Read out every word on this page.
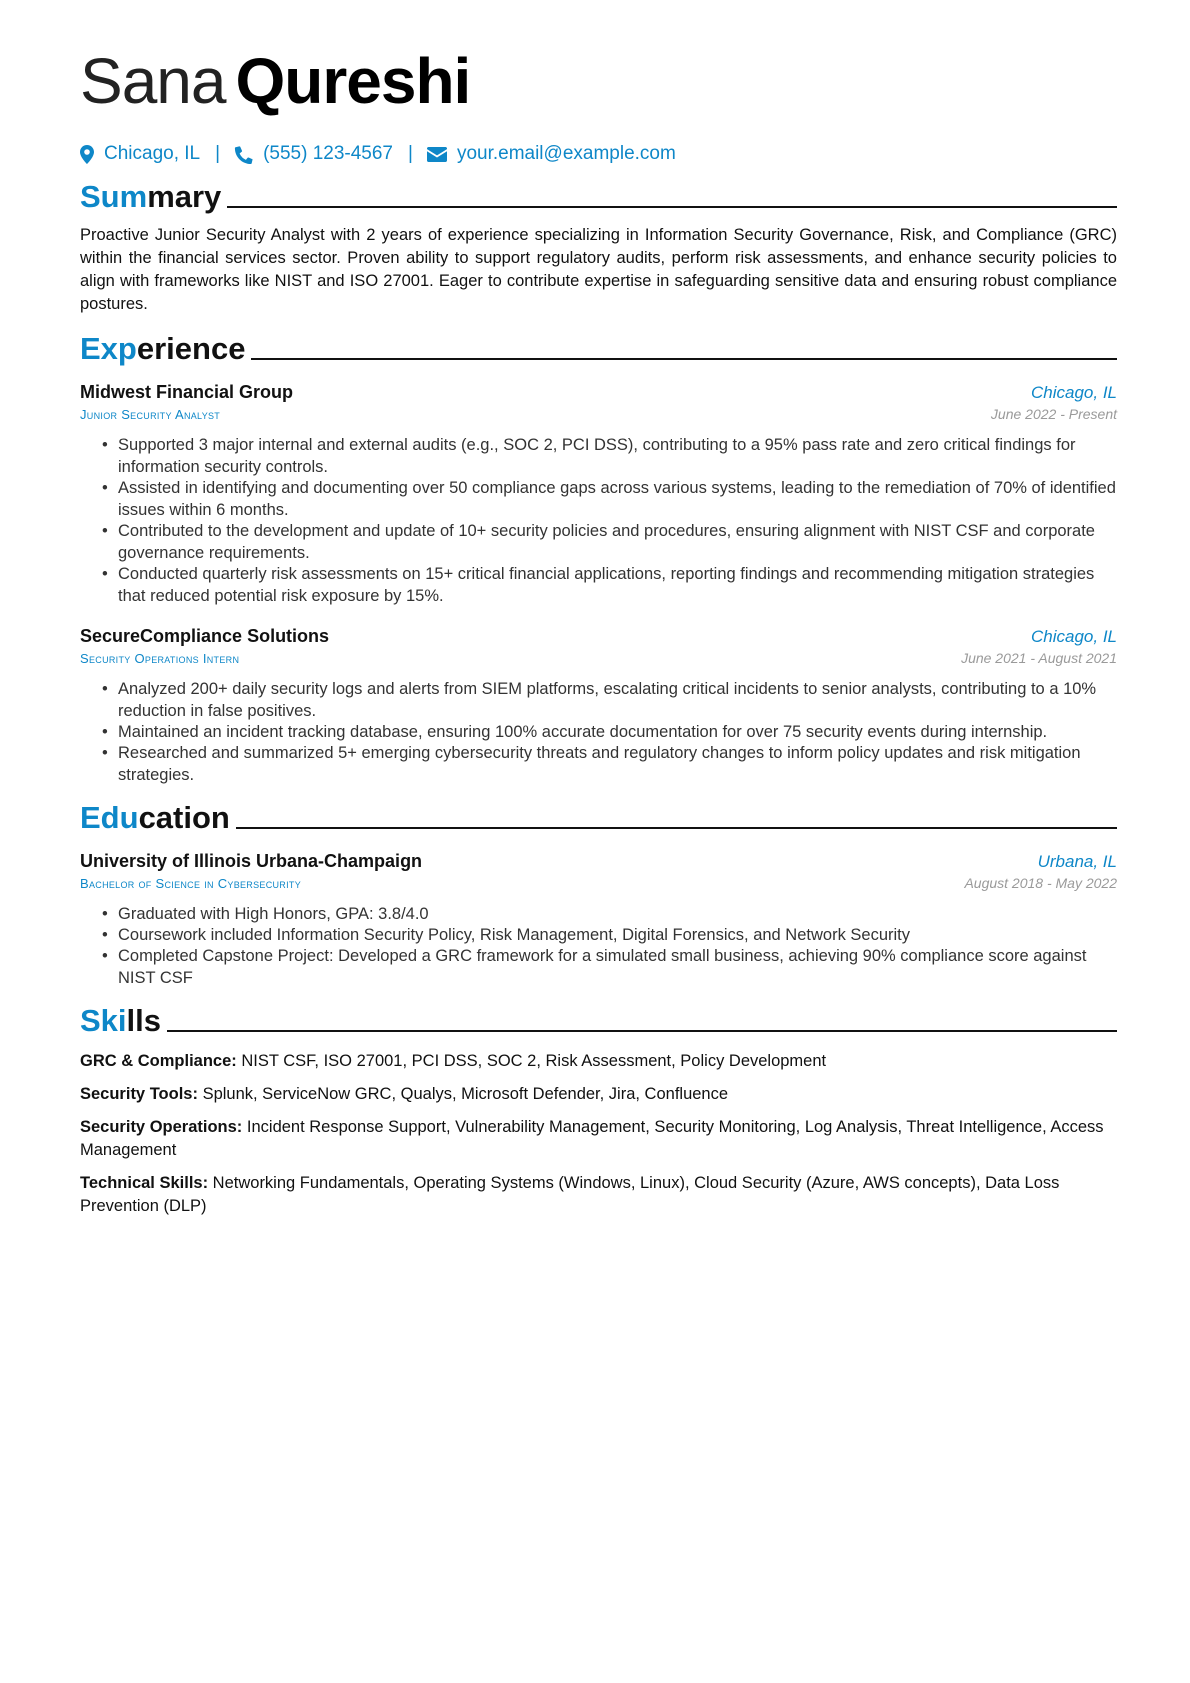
Sana Qureshi
Chicago, IL | (555) 123-4567 | your.email@example.com
Summary

Proactive Junior Security Analyst with 2 years of experience specializing in Information Security Governance, Risk, and Compliance (GRC) within the financial services sector. Proven ability to support regulatory audits, perform risk assessments, and enhance security policies to align with frameworks like NIST and ISO 27001. Eager to contribute expertise in safeguarding sensitive data and ensuring robust compliance postures.

Experience
Midwest Financial Group	Chicago, IL
Junior Security Analyst	June 2022 - Present
• Supported 3 major internal and external audits (e.g., SOC 2, PCI DSS), contributing to a 95% pass rate and zero critical findings for information security controls.
• Assisted in identifying and documenting over 50 compliance gaps across various systems, leading to the remediation of 70% of identified issues within 6 months.
• Contributed to the development and update of 10+ security policies and procedures, ensuring alignment with NIST CSF and corporate governance requirements.
• Conducted quarterly risk assessments on 15+ critical financial applications, reporting findings and recommending mitigation strategies that reduced potential risk exposure by 15%.
SecureCompliance Solutions	Chicago, IL
Security Operations Intern	June 2021 - August 2021
• Analyzed 200+ daily security logs and alerts from SIEM platforms, escalating critical incidents to senior analysts, contributing to a 10% reduction in false positives.
• Maintained an incident tracking database, ensuring 100% accurate documentation for over 75 security events during internship.
• Researched and summarized 5+ emerging cybersecurity threats and regulatory changes to inform policy updates and risk mitigation strategies.
Education
University of Illinois Urbana-Champaign	Urbana, IL
Bachelor of Science in Cybersecurity	August 2018 - May 2022
• Graduated with High Honors, GPA: 3.8/4.0
• Coursework included Information Security Policy, Risk Management, Digital Forensics, and Network Security
• Completed Capstone Project: Developed a GRC framework for a simulated small business, achieving 90% compliance score against NIST CSF
Skills

GRC & Compliance: NIST CSF, ISO 27001, PCI DSS, SOC 2, Risk Assessment, Policy Development

Security Tools: Splunk, ServiceNow GRC, Qualys, Microsoft Defender, Jira, Confluence

Security Operations: Incident Response Support, Vulnerability Management, Security Monitoring, Log Analysis, Threat Intelligence, Access Management

Technical Skills: Networking Fundamentals, Operating Systems (Windows, Linux), Cloud Security (Azure, AWS concepts), Data Loss Prevention (DLP)
